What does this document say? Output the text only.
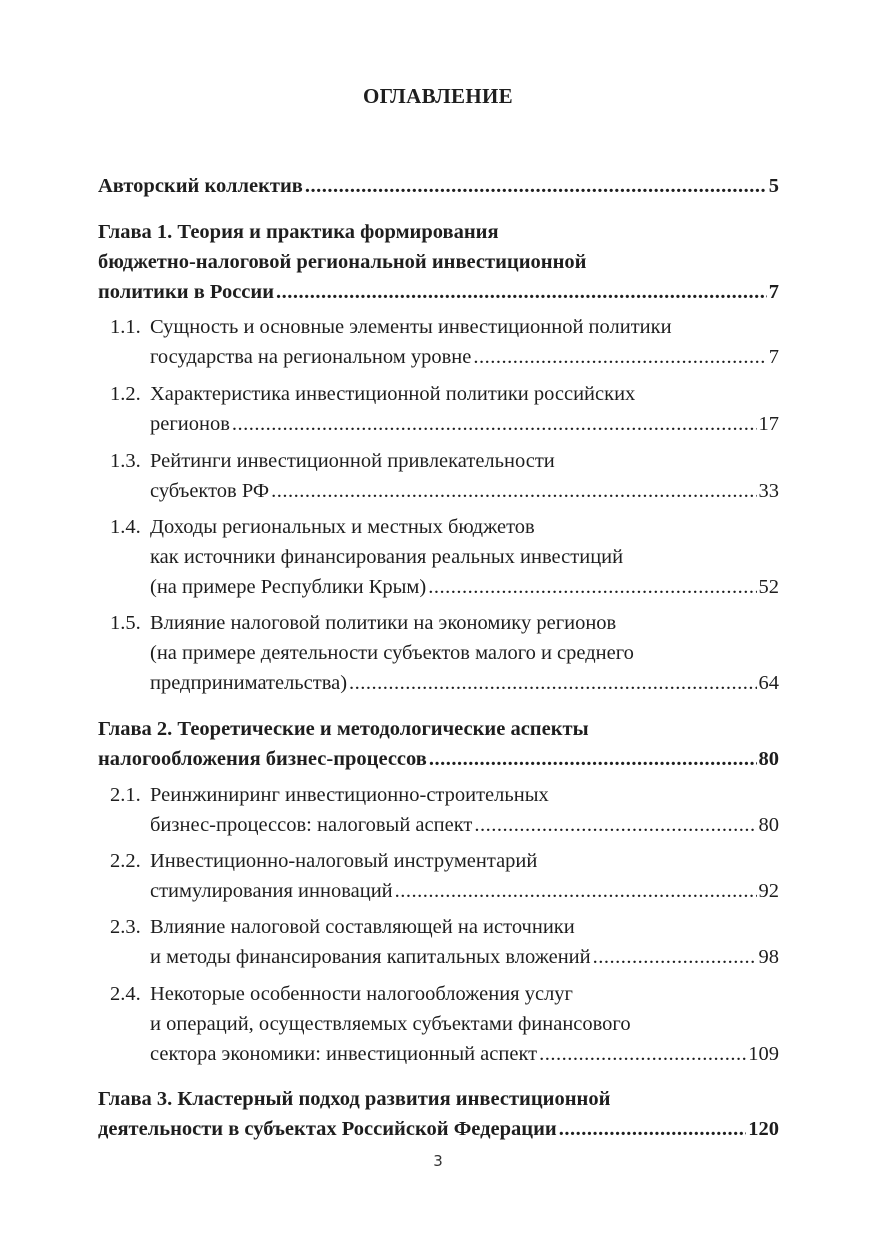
ОГЛАВЛЕНИЕ
Авторский коллектив .....	5
Глава 1. Теория и практика формирования
бюджетно-налоговой региональной инвестиционной
политики в России .....	7
1.1. Сущность и основные элементы инвестиционной политики
государства на региональном уровне .....	7
1.2. Характеристика инвестиционной политики российских
регионов .....	17
1.3. Рейтинги инвестиционной привлекательности
субъектов РФ .....	33
1.4. Доходы региональных и местных бюджетов
как источники финансирования реальных инвестиций
(на примере Республики Крым) .....	52
1.5. Влияние налоговой политики на экономику регионов
(на примере деятельности субъектов малого и среднего
предпринимательства) .....	64
Глава 2. Теоретические и методологические аспекты
налогообложения бизнес-процессов .....	80
2.1. Реинжиниринг инвестиционно-строительных
бизнес-процессов: налоговый аспект .....	80
2.2. Инвестиционно-налоговый инструментарий
стимулирования инноваций .....	92
2.3. Влияние налоговой составляющей на источники
и методы финансирования капитальных вложений .....	98
2.4. Некоторые особенности налогообложения услуг
и операций, осуществляемых субъектами финансового
сектора экономики: инвестиционный аспект .....	109
Глава 3. Кластерный подход развития инвестиционной
деятельности в субъектах Российской Федерации .....	120
3
